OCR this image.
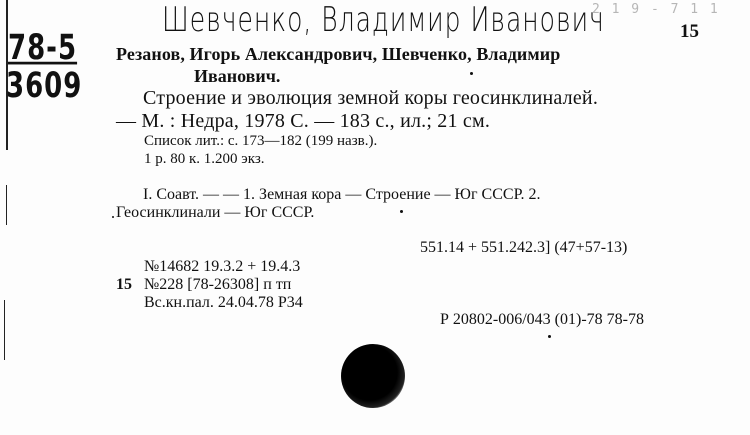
2 1 9 - 7 1 1
Шевченко, Владимир Иванович
78-5
3609
15
Резанов, Игорь Александрович, Шевченко, Владимир
Иванович.
Строение и эволюция земной коры геосинклиналей.
— М. : Недра, 1978 С. — 183 с., ил.; 21 см.
Список лит.: с. 173—182 (199 назв.).
1 р. 80 к. 1.200 экз.
I. Соавт. — — 1. Земная кора — Строение — Юг СССР. 2.
Геосинклинали — Юг СССР.
551.14 + 551.242.3] (47+57-13)
№14682 19.3.2 + 19.4.3
15 №228 [78-26308] п тп
Вс.кн.пал. 24.04.78 Р34
Р 20802-006/043 (01)-78 78-78
